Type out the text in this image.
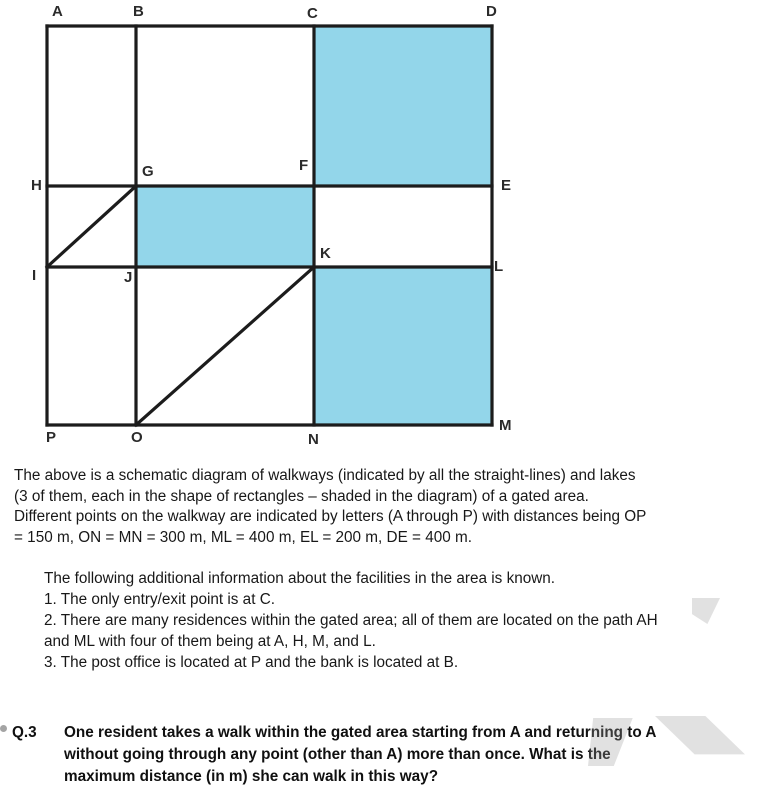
A	B	C	D
H
G	F
E
I	J
K
L
P	O	N
M

The above is a schematic diagram of walkways (indicated by all the straight-lines) and lakes

(3 of them, each in the shape of rectangles – shaded in the diagram) of a gated area.

Different points on the walkway are indicated by letters (A through P) with distances being OP

= 150 m, ON = MN = 300 m, ML = 400 m, EL = 200 m, DE = 400 m.

The following additional information about the facilities in the area is known.

1. The only entry/exit point is at C.

2. There are many residences within the gated area; all of them are located on the path AH

and ML with four of them being at A, H, M, and L.

3. The post office is located at P and the bank is located at B.

Q.3 One resident takes a walk within the gated area starting from A and returning to A

without going through any point (other than A) more than once. What is the

maximum distance (in m) she can walk in this way?
